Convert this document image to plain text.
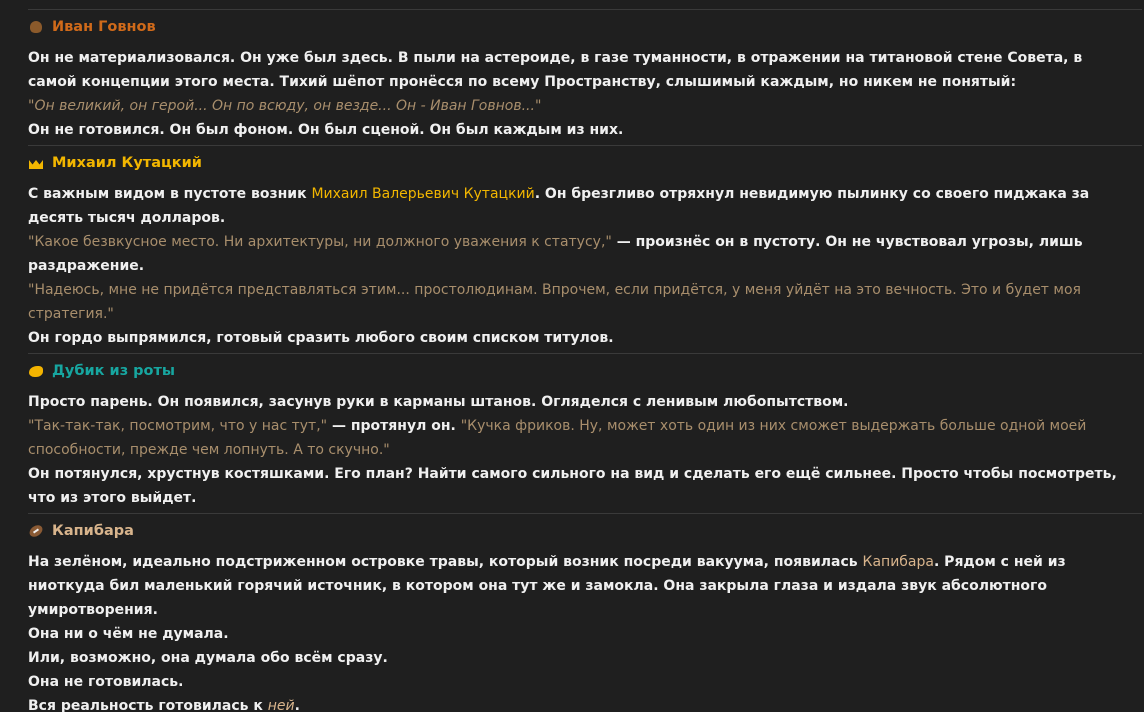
Иван Говнов
Он не материализовался. Он уже был здесь. В пыли на астероиде, в газе туманности, в отражении на титановой стене Совета, в самой концепции этого места. Тихий шёпот пронёсся по всему Пространству, слышимый каждым, но никем не понятый:
"Он великий, он герой... Он по всюду, он везде... Он - Иван Говнов..."
Он не готовился. Он был фоном. Он был сценой. Он был каждым из них.
Михаил Кутацкий
С важным видом в пустоте возник Михаил Валерьевич Кутацкий. Он брезгливо отряхнул невидимую пылинку со своего пиджака за десять тысяч долларов.
"Какое безвкусное место. Ни архитектуры, ни должного уважения к статусу," — произнёс он в пустоту. Он не чувствовал угрозы, лишь раздражение.
"Надеюсь, мне не придётся представляться этим... простолюдинам. Впрочем, если придётся, у меня уйдёт на это вечность. Это и будет моя стратегия."
Он гордо выпрямился, готовый сразить любого своим списком титулов.
Дубик из роты
Просто парень. Он появился, засунув руки в карманы штанов. Огляделся с ленивым любопытством.
"Так-так-так, посмотрим, что у нас тут," — протянул он. "Кучка фриков. Ну, может хоть один из них сможет выдержать больше одной моей способности, прежде чем лопнуть. А то скучно."
Он потянулся, хрустнув костяшками. Его план? Найти самого сильного на вид и сделать его ещё сильнее. Просто чтобы посмотреть, что из этого выйдет.
Капибара
На зелёном, идеально подстриженном островке травы, который возник посреди вакуума, появилась Капибара. Рядом с ней из ниоткуда бил маленький горячий источник, в котором она тут же и замокла. Она закрыла глаза и издала звук абсолютного умиротворения.
Она ни о чём не думала.
Или, возможно, она думала обо всём сразу.
Она не готовилась.
Вся реальность готовилась к ней.
